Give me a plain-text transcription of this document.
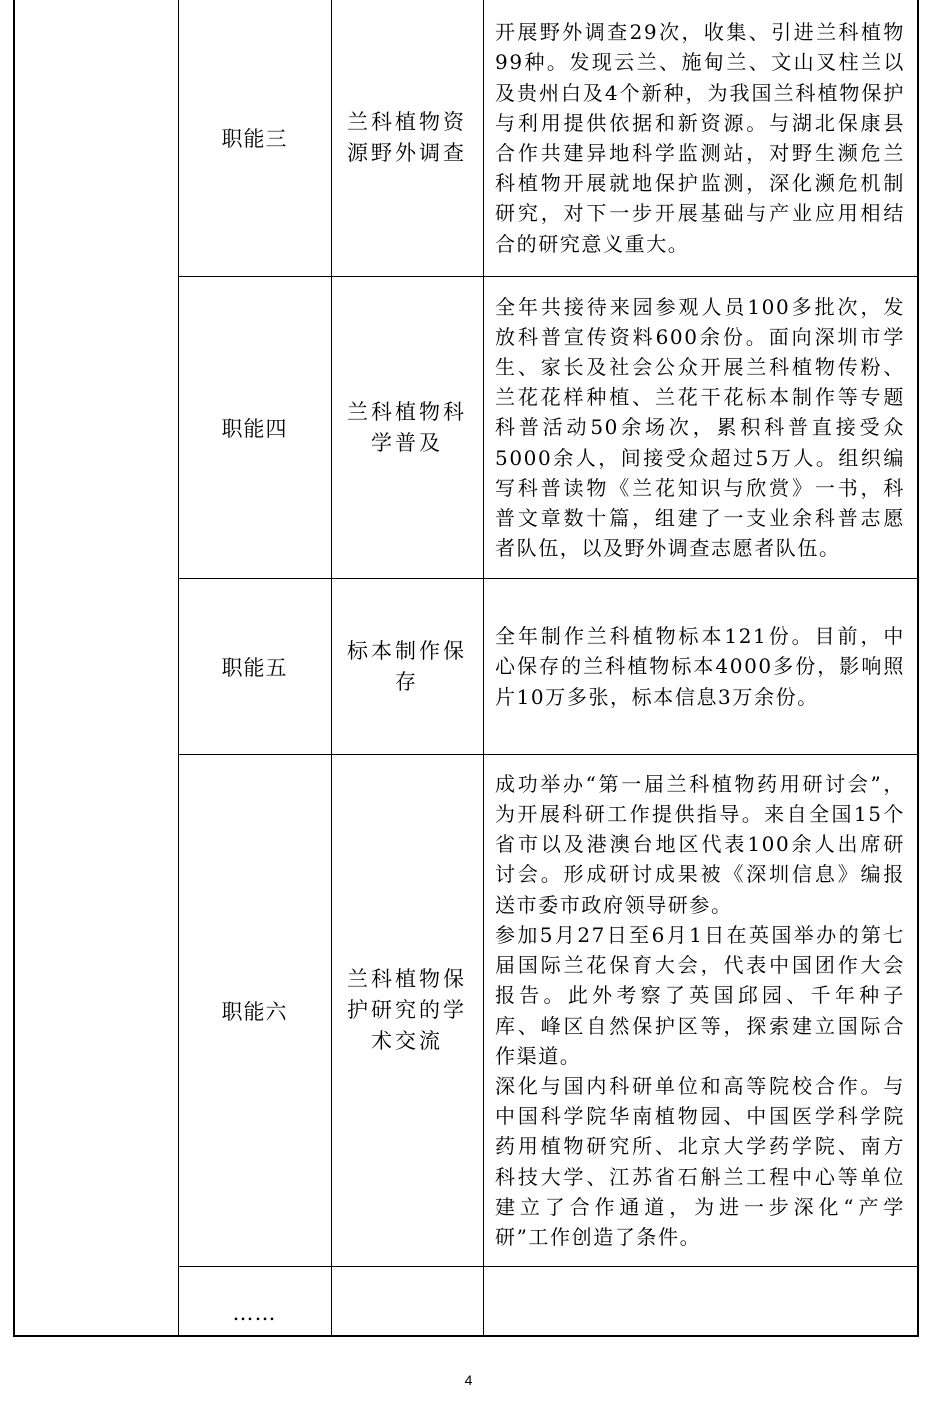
职能三
兰科植物资源野外调查

开展野外调查29次，收集、引进兰科植物99种。发现云兰、施甸兰、文山叉柱兰以及贵州白及4个新种，为我国兰科植物保护与利用提供依据和新资源。与湖北保康县合作共建异地科学监测站，对野生濒危兰科植物开展就地保护监测，深化濒危机制研究，对下一步开展基础与产业应用相结合的研究意义重大。

职能四
兰科植物科学普及

全年共接待来园参观人员100多批次，发放科普宣传资料600余份。面向深圳市学生、家长及社会公众开展兰科植物传粉、兰花花样种植、兰花干花标本制作等专题科普活动50余场次，累积科普直接受众5000余人，间接受众超过5万人。组织编写科普读物《兰花知识与欣赏》一书，科普文章数十篇，组建了一支业余科普志愿者队伍，以及野外调查志愿者队伍。

职能五
标本制作保存

全年制作兰科植物标本121份。目前，中心保存的兰科植物标本4000多份，影响照片10万多张，标本信息3万余份。

职能六
兰科植物保护研究的学术交流

成功举办“第一届兰科植物药用研讨会”，为开展科研工作提供指导。来自全国15个省市以及港澳台地区代表100余人出席研讨会。形成研讨成果被《深圳信息》编报送市委市政府领导研参。

参加5月27日至6月1日在英国举办的第七届国际兰花保育大会，代表中国团作大会报告。此外考察了英国邱园、千年种子库、峰区自然保护区等，探索建立国际合作渠道。

深化与国内科研单位和高等院校合作。与中国科学院华南植物园、中国医学科学院药用植物研究所、北京大学药学院、南方科技大学、江苏省石斛兰工程中心等单位建立了合作通道，为进一步深化“产学研”工作创造了条件。

……

4
